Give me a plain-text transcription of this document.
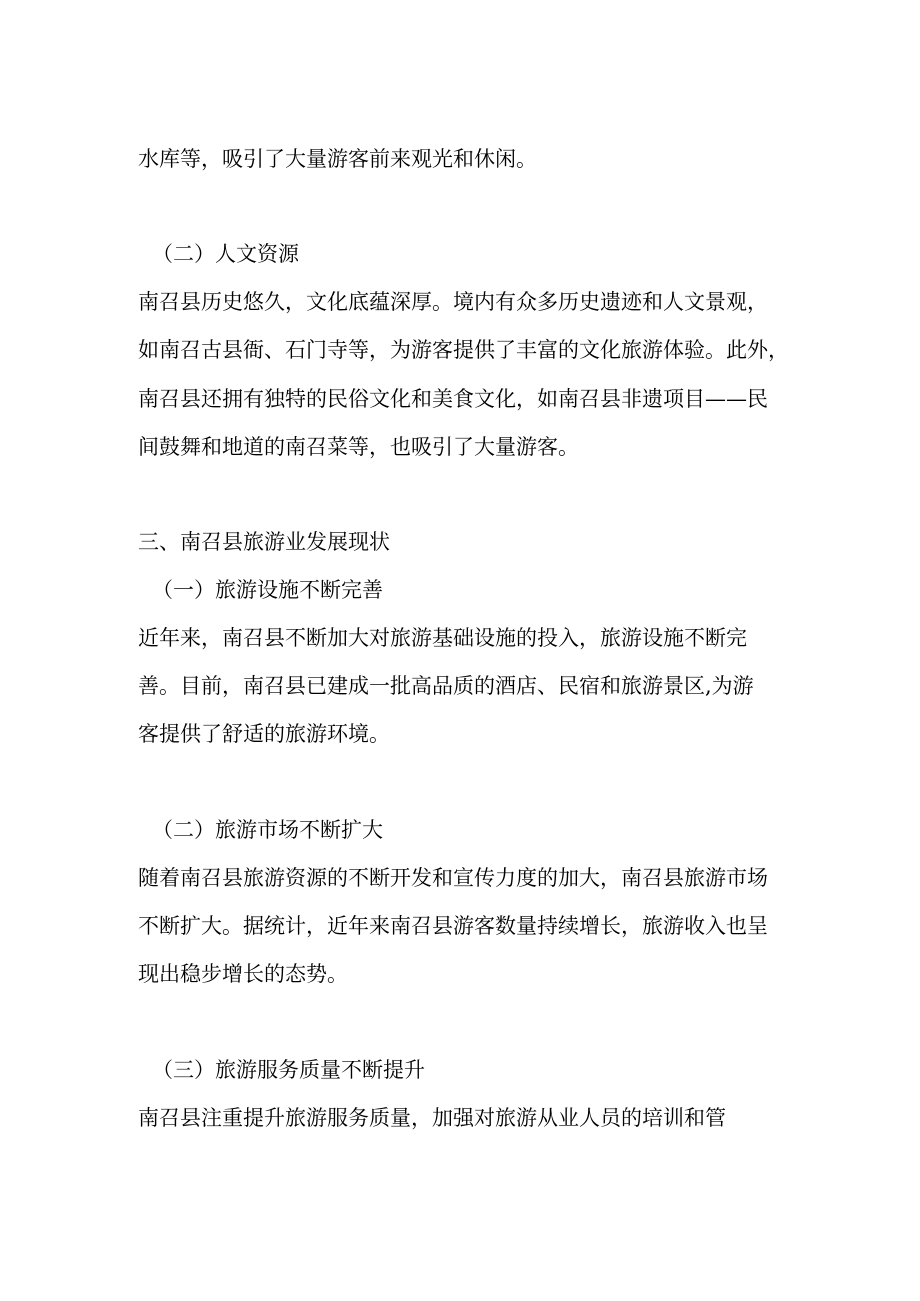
水库等，吸引了大量游客前来观光和休闲。
（二）人文资源
南召县历史悠久，文化底蕴深厚。境内有众多历史遗迹和人文景观，
如南召古县衙、石门寺等，为游客提供了丰富的文化旅游体验。此外，
南召县还拥有独特的民俗文化和美食文化，如南召县非遗项目——民
间鼓舞和地道的南召菜等，也吸引了大量游客。
三、南召县旅游业发展现状
（一）旅游设施不断完善
近年来，南召县不断加大对旅游基础设施的投入，旅游设施不断完
善。目前，南召县已建成一批高品质的酒店、民宿和旅游景区,为游
客提供了舒适的旅游环境。
（二）旅游市场不断扩大
随着南召县旅游资源的不断开发和宣传力度的加大，南召县旅游市场
不断扩大。据统计，近年来南召县游客数量持续增长，旅游收入也呈
现出稳步增长的态势。
（三）旅游服务质量不断提升
南召县注重提升旅游服务质量，加强对旅游从业人员的培训和管
